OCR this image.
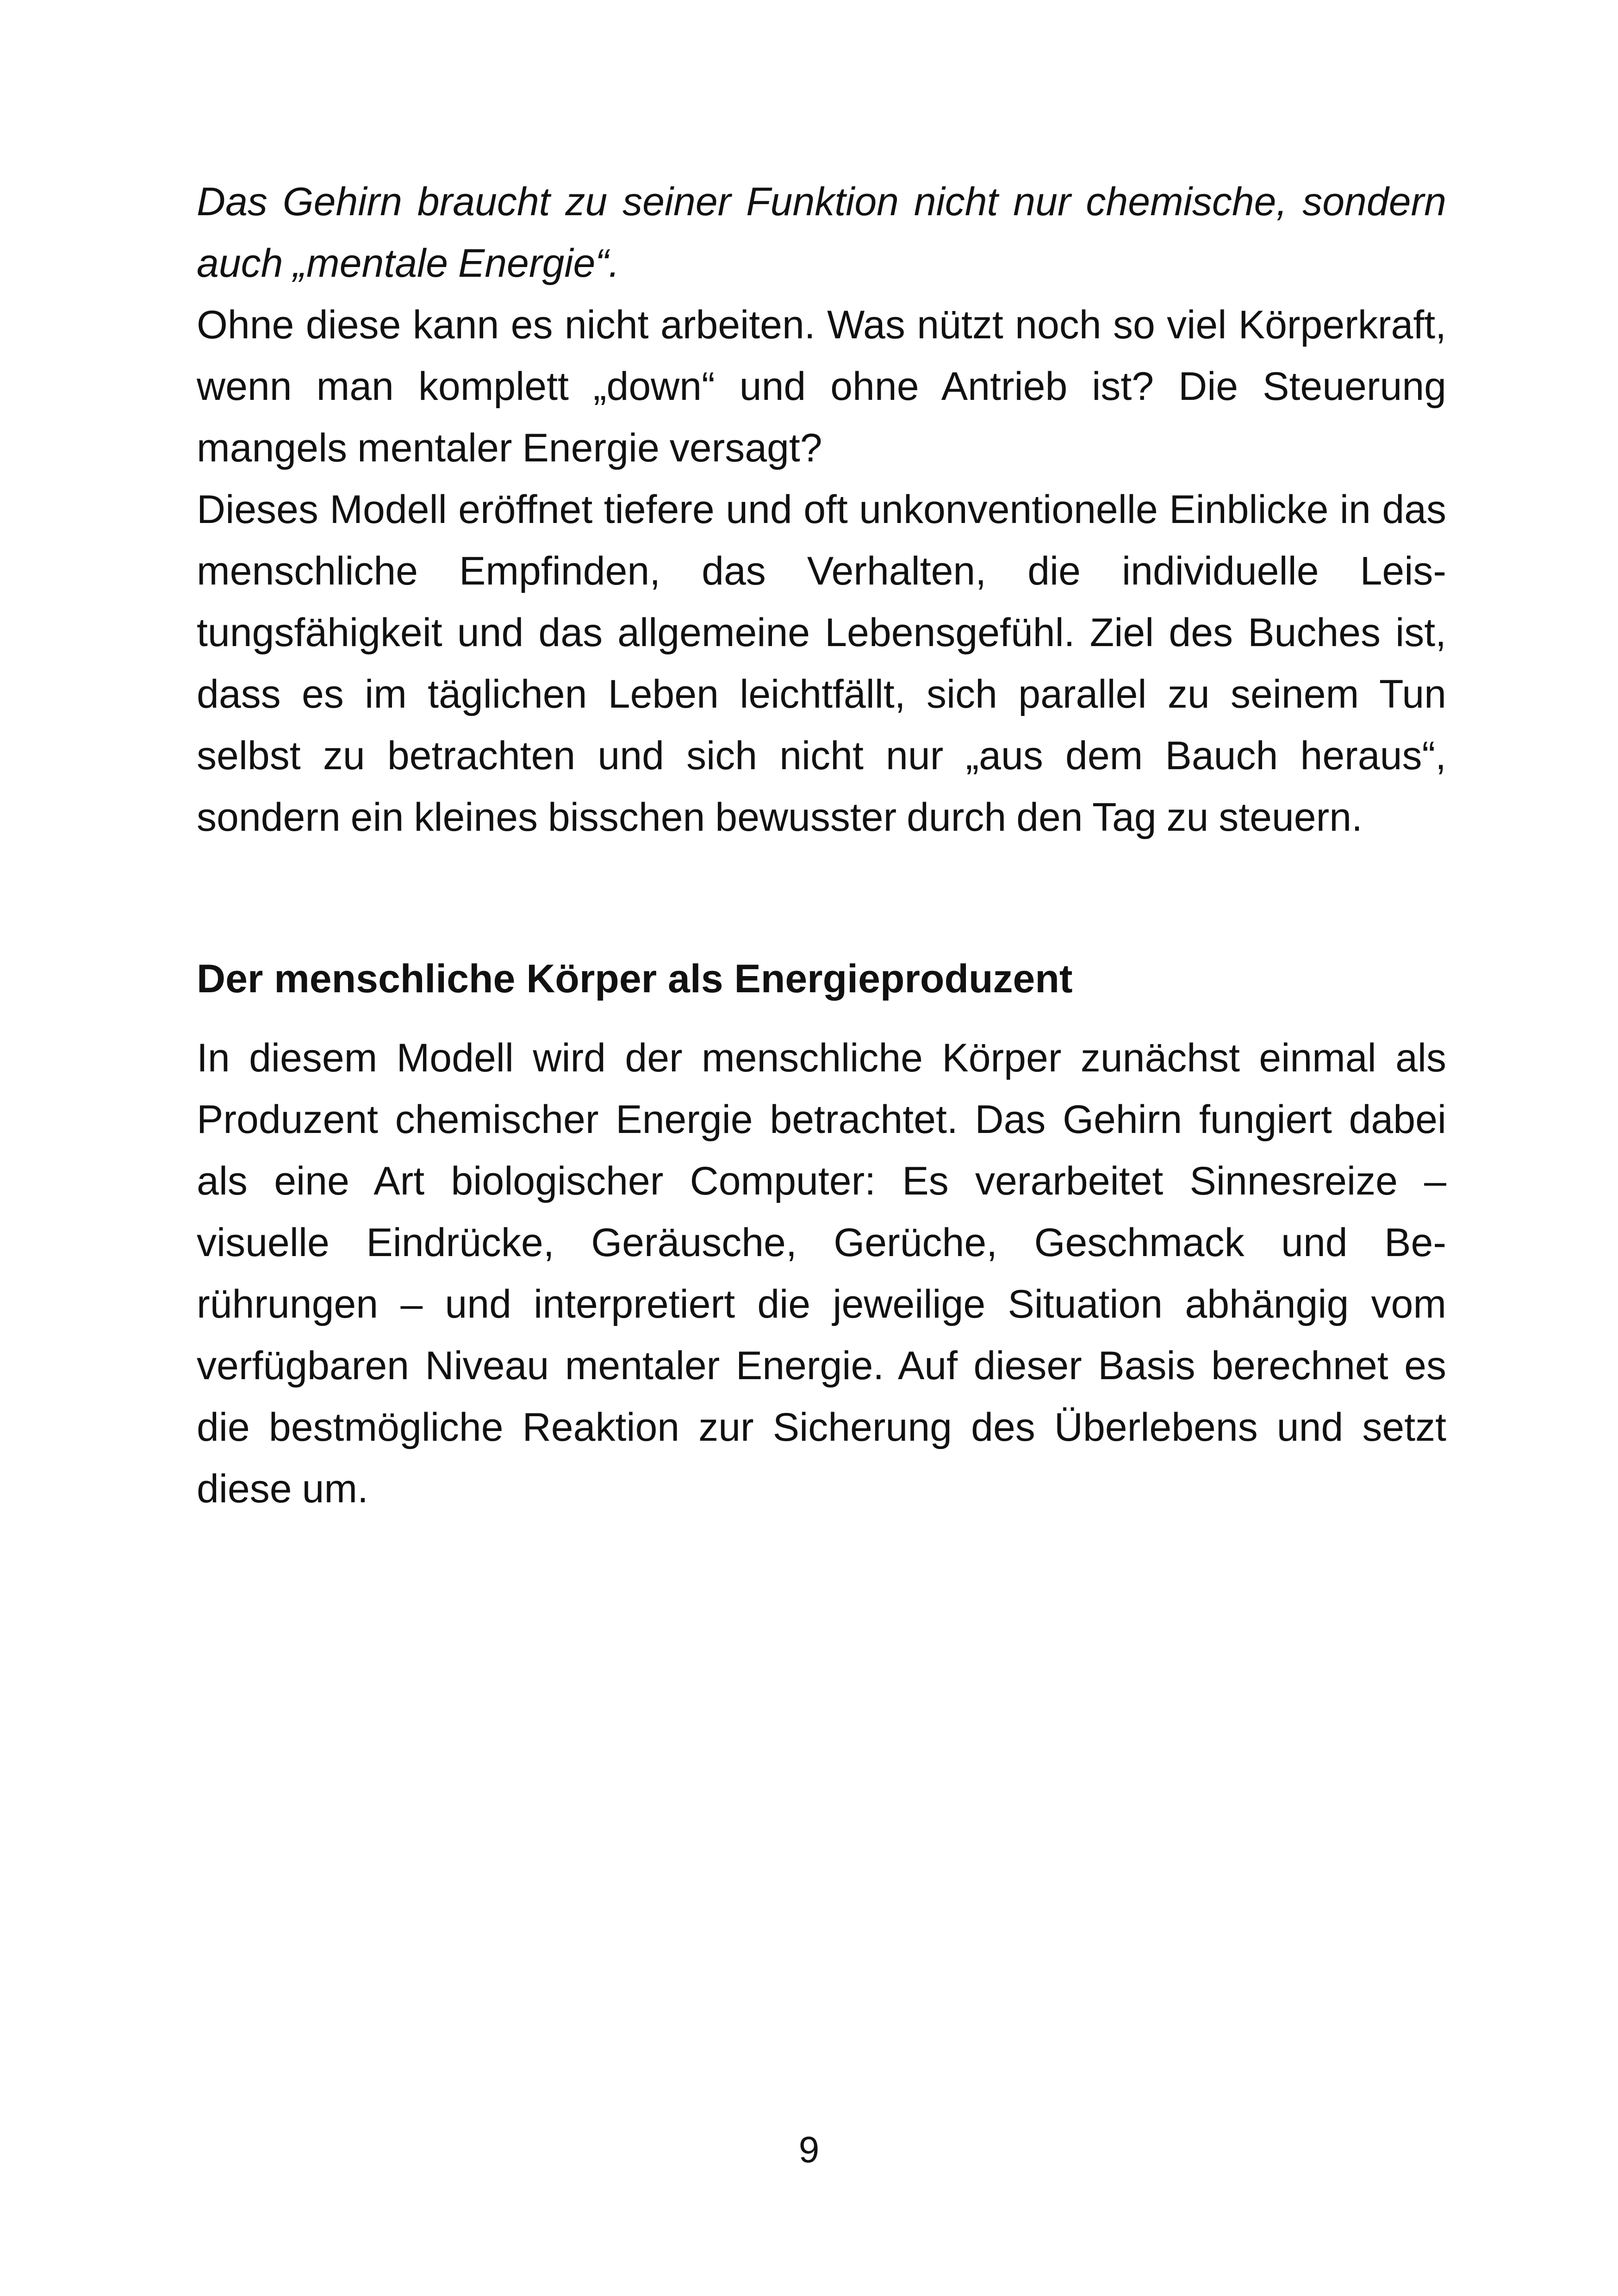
Das Gehirn braucht zu seiner Funktion nicht nur chemische, sondern auch „mentale Energie“.

Ohne diese kann es nicht arbeiten. Was nützt noch so viel Körperkraft, wenn man komplett „down“ und ohne Antrieb ist? Die Steuerung mangels mentaler Energie versagt?

Dieses Modell eröffnet tiefere und oft unkonventionelle Einblicke in das menschliche Empfinden, das Verhalten, die individuelle Leistungsfähigkeit und das allgemeine Lebensgefühl. Ziel des Buches ist, dass es im täglichen Leben leichtfällt, sich parallel zu seinem Tun selbst zu betrachten und sich nicht nur „aus dem Bauch heraus“, sondern ein kleines bisschen bewusster durch den Tag zu steuern.

Der menschliche Körper als Energieproduzent

In diesem Modell wird der menschliche Körper zunächst einmal als Produzent chemischer Energie betrachtet. Das Gehirn fungiert dabei als eine Art biologischer Computer: Es verarbeitet Sinnesreize – visuelle Eindrücke, Geräusche, Gerüche, Geschmack und Berührungen – und interpretiert die jeweilige Situation abhängig vom verfügbaren Niveau mentaler Energie. Auf dieser Basis berechnet es die bestmögliche Reaktion zur Sicherung des Überlebens und setzt diese um.

9
